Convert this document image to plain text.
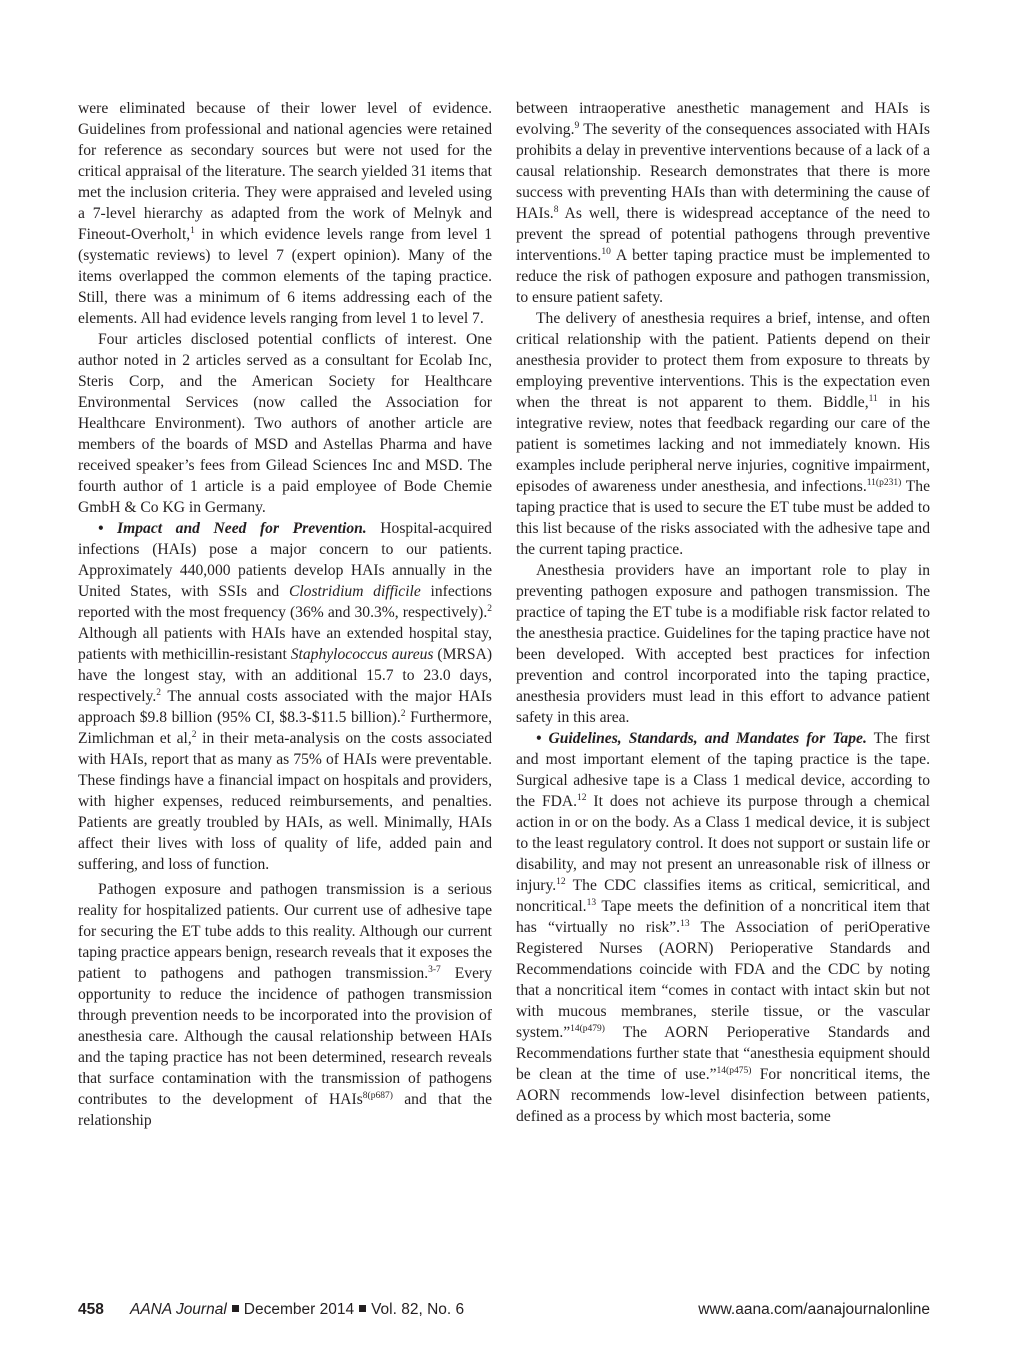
were eliminated because of their lower level of evidence. Guidelines from professional and national agencies were retained for reference as secondary sources but were not used for the critical appraisal of the literature. The search yielded 31 items that met the inclusion criteria. They were appraised and leveled using a 7-level hierarchy as adapted from the work of Melnyk and Fineout-Overholt,$^1$ in which evidence levels range from level 1 (systematic reviews) to level 7 (expert opinion). Many of the items overlapped the common elements of the taping practice. Still, there was a minimum of 6 items addressing each of the elements. All had evidence levels ranging from level 1 to level 7.

Four articles disclosed potential conflicts of interest. One author noted in 2 articles served as a consultant for Ecolab Inc, Steris Corp, and the American Society for Healthcare Environmental Services (now called the Association for Healthcare Environment). Two authors of another article are members of the boards of MSD and Astellas Pharma and have received speaker’s fees from Gilead Sciences Inc and MSD. The fourth author of 1 article is a paid employee of Bode Chemie GmbH & Co KG in Germany.

• Impact and Need for Prevention. Hospital-acquired infections (HAIs) pose a major concern to our patients. Approximately 440,000 patients develop HAIs annually in the United States, with SSIs and Clostridium difficile infections reported with the most frequency (36% and 30.3%, respectively).$^2$ Although all patients with HAIs have an extended hospital stay, patients with methicillin-resistant Staphylococcus aureus (MRSA) have the longest stay, with an additional 15.7 to 23.0 days, respectively.$^2$ The annual costs associated with the major HAIs approach $9.8 billion (95% CI, $8.3-$11.5 billion).$^2$ Furthermore, Zimlichman et al,$^2$ in their meta-analysis on the costs associated with HAIs, report that as many as 75% of HAIs were preventable. These findings have a financial impact on hospitals and providers, with higher expenses, reduced reimbursements, and penalties. Patients are greatly troubled by HAIs, as well. Minimally, HAIs affect their lives with loss of quality of life, added pain and suffering, and loss of function.

Pathogen exposure and pathogen transmission is a serious reality for hospitalized patients. Our current use of adhesive tape for securing the ET tube adds to this reality. Although our current taping practice appears benign, research reveals that it exposes the patient to pathogens and pathogen transmission.$^{3-7}$ Every opportunity to reduce the incidence of pathogen transmission through prevention needs to be incorporated into the provision of anesthesia care. Although the causal relationship between HAIs and the taping practice has not been determined, research reveals that surface contamination with the transmission of pathogens contributes to the development of HAIs$^{8(p687)}$ and that the relationship

between intraoperative anesthetic management and HAIs is evolving.$^9$ The severity of the consequences associated with HAIs prohibits a delay in preventive interventions because of a lack of a causal relationship. Research demonstrates that there is more success with preventing HAIs than with determining the cause of HAIs.$^8$ As well, there is widespread acceptance of the need to prevent the spread of potential pathogens through preventive interventions.$^{10}$ A better taping practice must be implemented to reduce the risk of pathogen exposure and pathogen transmission, to ensure patient safety.

The delivery of anesthesia requires a brief, intense, and often critical relationship with the patient. Patients depend on their anesthesia provider to protect them from exposure to threats by employing preventive interventions. This is the expectation even when the threat is not apparent to them. Biddle,$^{11}$ in his integrative review, notes that feedback regarding our care of the patient is sometimes lacking and not immediately known. His examples include peripheral nerve injuries, cognitive impairment, episodes of awareness under anesthesia, and infections.$^{11(p231)}$ The taping practice that is used to secure the ET tube must be added to this list because of the risks associated with the adhesive tape and the current taping practice.

Anesthesia providers have an important role to play in preventing pathogen exposure and pathogen transmission. The practice of taping the ET tube is a modifiable risk factor related to the anesthesia practice. Guidelines for the taping practice have not been developed. With accepted best practices for infection prevention and control incorporated into the taping practice, anesthesia providers must lead in this effort to advance patient safety in this area.

• Guidelines, Standards, and Mandates for Tape. The first and most important element of the taping practice is the tape. Surgical adhesive tape is a Class 1 medical device, according to the FDA.$^{12}$ It does not achieve its purpose through a chemical action in or on the body. As a Class 1 medical device, it is subject to the least regulatory control. It does not support or sustain life or disability, and may not present an unreasonable risk of illness or injury.$^{12}$ The CDC classifies items as critical, semicritical, and noncritical.$^{13}$ Tape meets the definition of a noncritical item that has “virtually no risk”.$^{13}$ The Association of periOperative Registered Nurses (AORN) Perioperative Standards and Recommendations coincide with FDA and the CDC by noting that a noncritical item “comes in contact with intact skin but not with mucous membranes, sterile tissue, or the vascular system.”$^{14(p479)}$ The AORN Perioperative Standards and Recommendations further state that “anesthesia equipment should be clean at the time of use.”$^{14(p475)}$ For noncritical items, the AORN recommends low-level disinfection between patients, defined as a process by which most bacteria, some

458 AANA Journal December 2014 Vol. 82, No. 6	www.aana.com/aanajournalonline
